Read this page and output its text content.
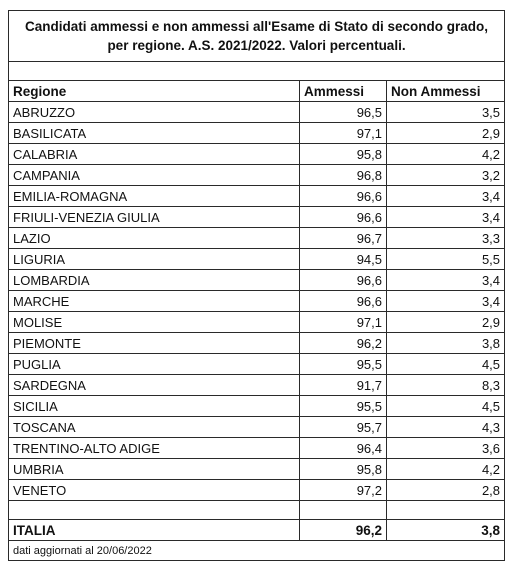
Candidati ammessi e non ammessi all'Esame di Stato di secondo grado, per regione. A.S. 2021/2022. Valori percentuali.		

Regione	Ammessi	Non Ammessi
ABRUZZO	96,5	3,5
BASILICATA	97,1	2,9
CALABRIA	95,8	4,2
CAMPANIA	96,8	3,2
EMILIA-ROMAGNA	96,6	3,4
FRIULI-VENEZIA GIULIA	96,6	3,4
LAZIO	96,7	3,3
LIGURIA	94,5	5,5
LOMBARDIA	96,6	3,4
MARCHE	96,6	3,4
MOLISE	97,1	2,9
PIEMONTE	96,2	3,8
PUGLIA	95,5	4,5
SARDEGNA	91,7	8,3
SICILIA	95,5	4,5
TOSCANA	95,7	4,3
TRENTINO-ALTO ADIGE	96,4	3,6
UMBRIA	95,8	4,2
VENETO	97,2	2,8

ITALIA	96,2	3,8
dati aggiornati al 20/06/2022		
